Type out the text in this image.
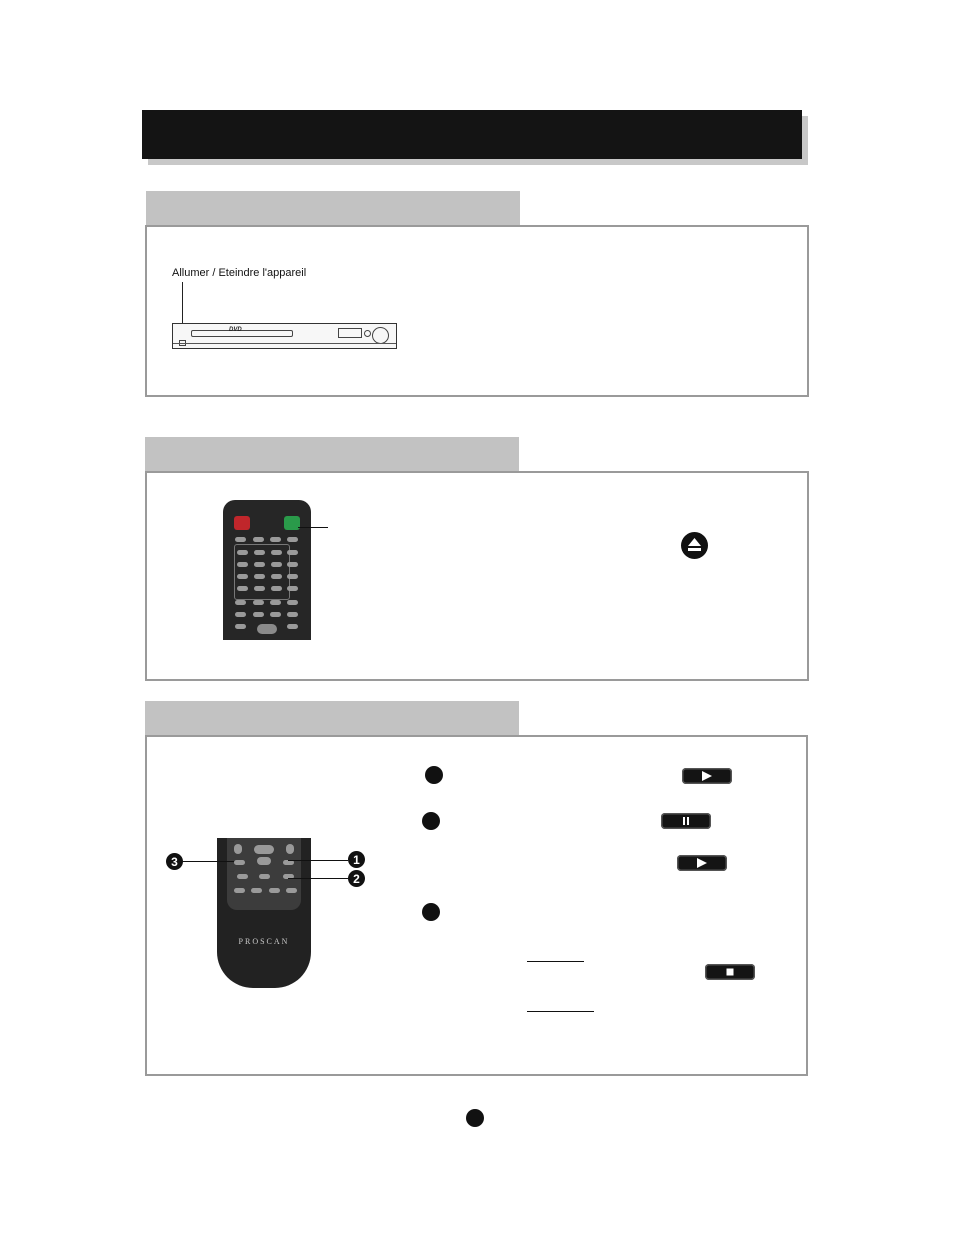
Allumer / Eteindre l'appareil
DVD
PROSCAN
3	1
2
